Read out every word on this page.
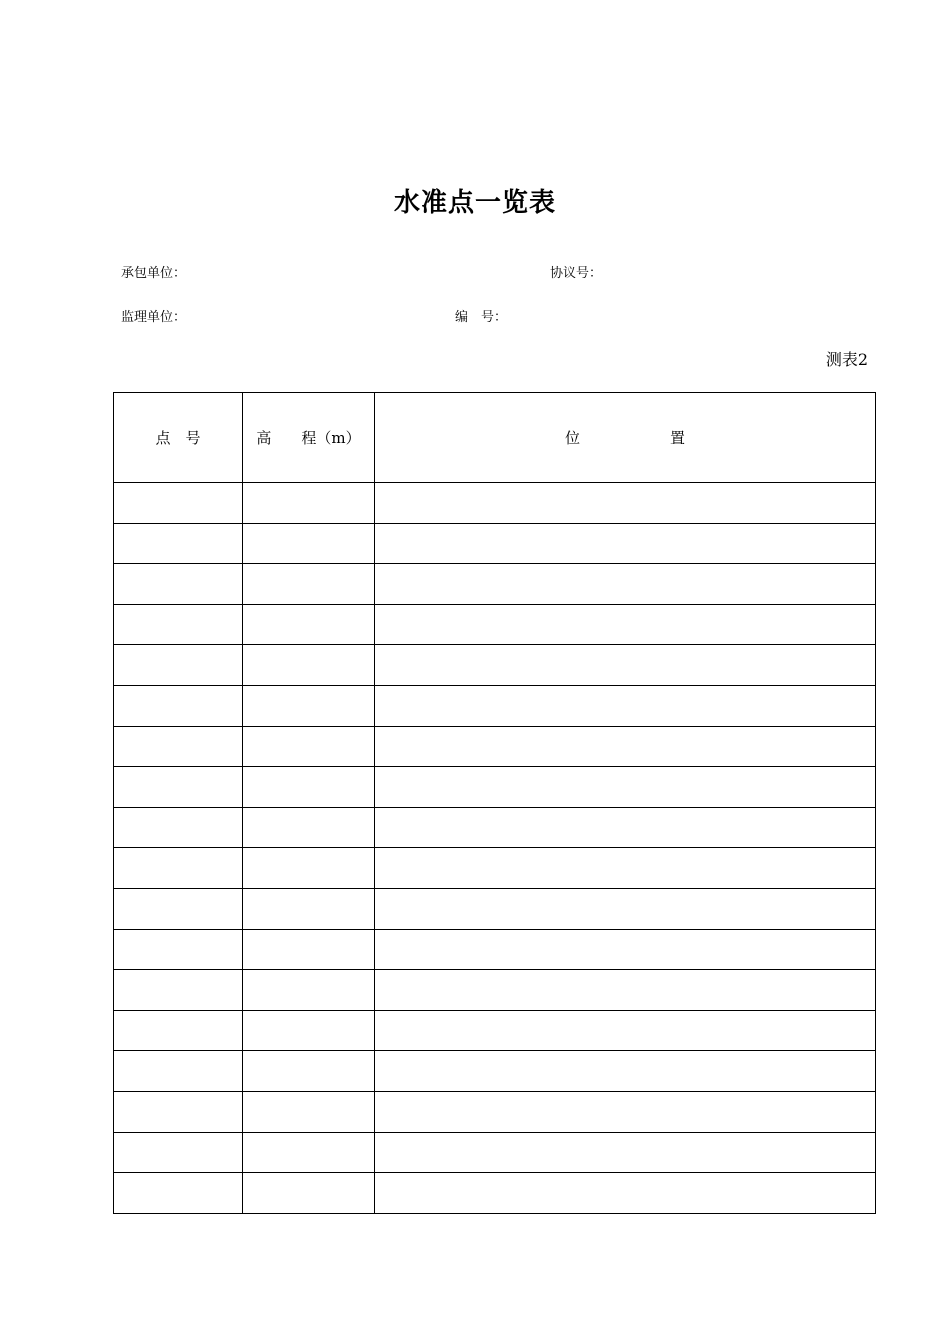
水准点一览表
承包单位：	协议号：
监理单位：	编　号：
测表2
点　号	高　　程（m）	位　　　　　　置
